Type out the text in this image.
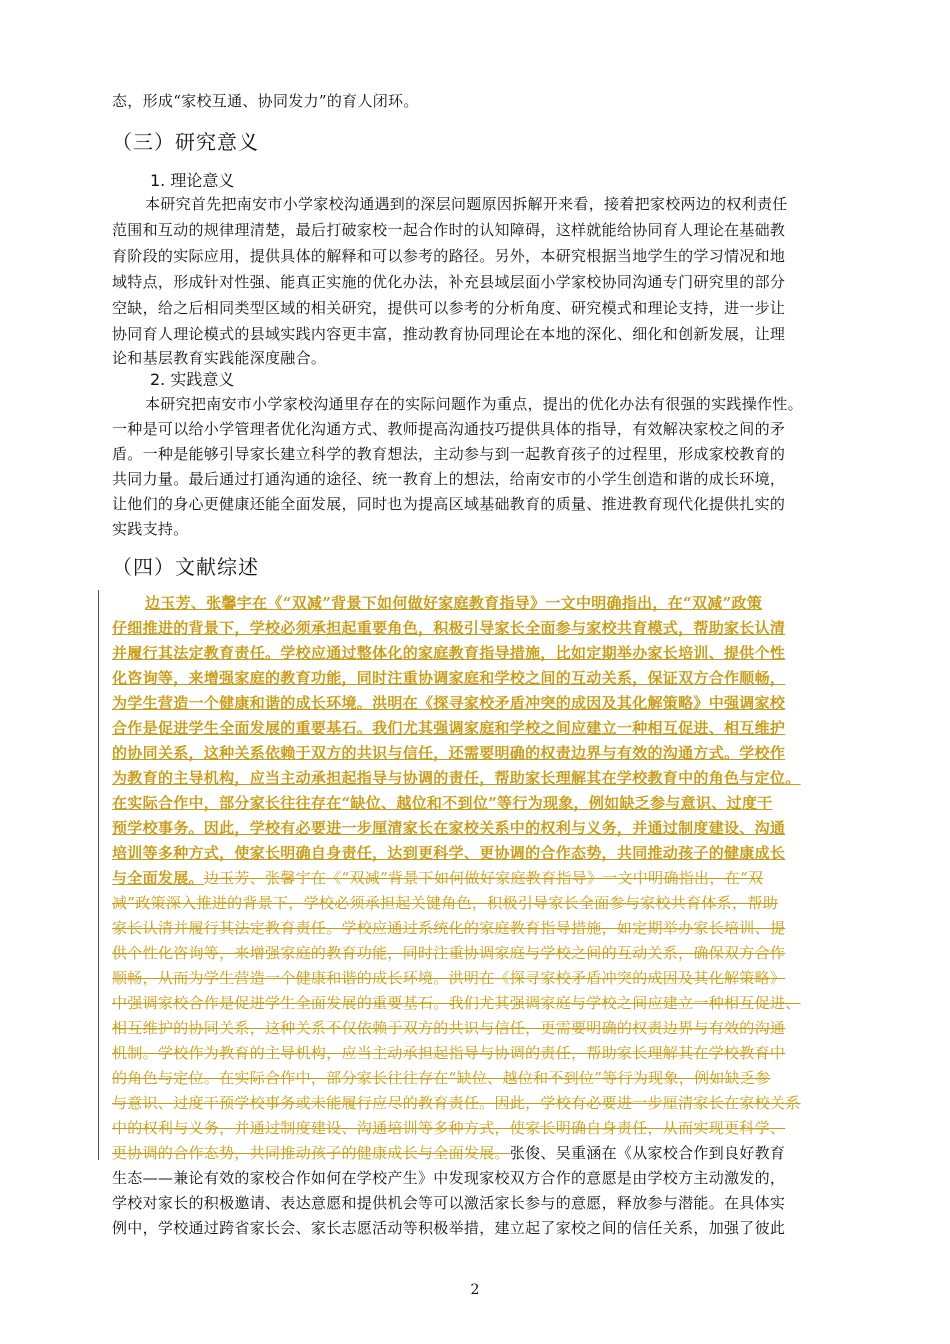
态，形成“家校互通、协同发力”的育人闭环。
（三）研究意义
1. 理论意义
本研究首先把南安市小学家校沟通遇到的深层问题原因拆解开来看，接着把家校两边的权利责任
范围和互动的规律理清楚，最后打破家校一起合作时的认知障碍，这样就能给协同育人理论在基础教
育阶段的实际应用，提供具体的解释和可以参考的路径。另外，本研究根据当地学生的学习情况和地
域特点，形成针对性强、能真正实施的优化办法，补充县域层面小学家校协同沟通专门研究里的部分
空缺，给之后相同类型区域的相关研究，提供可以参考的分析角度、研究模式和理论支持，进一步让
协同育人理论模式的县域实践内容更丰富，推动教育协同理论在本地的深化、细化和创新发展，让理
论和基层教育实践能深度融合。
2. 实践意义
本研究把南安市小学家校沟通里存在的实际问题作为重点，提出的优化办法有很强的实践操作性。
一种是可以给小学管理者优化沟通方式、教师提高沟通技巧提供具体的指导，有效解决家校之间的矛
盾。一种是能够引导家长建立科学的教育想法，主动参与到一起教育孩子的过程里，形成家校教育的
共同力量。最后通过打通沟通的途径、统一教育上的想法，给南安市的小学生创造和谐的成长环境，
让他们的身心更健康还能全面发展，同时也为提高区域基础教育的质量、推进教育现代化提供扎实的
实践支持。
（四）文献综述
边玉芳、张馨宇在《“双减”背景下如何做好家庭教育指导》一文中明确指出，在“双减”政策
仔细推进的背景下，学校必须承担起重要角色，积极引导家长全面参与家校共育模式，帮助家长认清
并履行其法定教育责任。学校应通过整体化的家庭教育指导措施，比如定期举办家长培训、提供个性
化咨询等，来增强家庭的教育功能，同时注重协调家庭和学校之间的互动关系，保证双方合作顺畅，
为学生营造一个健康和谐的成长环境。洪明在《探寻家校矛盾冲突的成因及其化解策略》中强调家校
合作是促进学生全面发展的重要基石。我们尤其强调家庭和学校之间应建立一种相互促进、相互维护
的协同关系，这种关系依赖于双方的共识与信任，还需要明确的权责边界与有效的沟通方式。学校作
为教育的主导机构，应当主动承担起指导与协调的责任，帮助家长理解其在学校教育中的角色与定位。
在实际合作中，部分家长往往存在“缺位、越位和不到位”等行为现象，例如缺乏参与意识、过度干
预学校事务。因此，学校有必要进一步厘清家长在家校关系中的权利与义务，并通过制度建设、沟通
培训等多种方式，使家长明确自身责任，达到更科学、更协调的合作态势，共同推动孩子的健康成长
与全面发展。边玉芳、张馨宇在《“双减”背景下如何做好家庭教育指导》一文中明确指出，在“双
减”政策深入推进的背景下，学校必须承担起关键角色，积极引导家长全面参与家校共育体系，帮助
家长认清并履行其法定教育责任。学校应通过系统化的家庭教育指导措施，如定期举办家长培训、提
供个性化咨询等，来增强家庭的教育功能，同时注重协调家庭与学校之间的互动关系，确保双方合作
顺畅，从而为学生营造一个健康和谐的成长环境。洪明在《探寻家校矛盾冲突的成因及其化解策略》
中强调家校合作是促进学生全面发展的重要基石。我们尤其强调家庭与学校之间应建立一种相互促进、
相互维护的协同关系，这种关系不仅依赖于双方的共识与信任，更需要明确的权责边界与有效的沟通
机制。学校作为教育的主导机构，应当主动承担起指导与协调的责任，帮助家长理解其在学校教育中
的角色与定位。在实际合作中，部分家长往往存在“缺位、越位和不到位”等行为现象，例如缺乏参
与意识、过度干预学校事务或未能履行应尽的教育责任。因此，学校有必要进一步厘清家长在家校关系
中的权利与义务，并通过制度建设、沟通培训等多种方式，使家长明确自身责任，从而实现更科学、
更协调的合作态势，共同推动孩子的健康成长与全面发展。张俊、吴重涵在《从家校合作到良好教育
生态——兼论有效的家校合作如何在学校产生》中发现家校双方合作的意愿是由学校方主动激发的，
学校对家长的积极邀请、表达意愿和提供机会等可以激活家长参与的意愿，释放参与潜能。在具体实
例中，学校通过跨省家长会、家长志愿活动等积极举措，建立起了家校之间的信任关系，加强了彼此
2
